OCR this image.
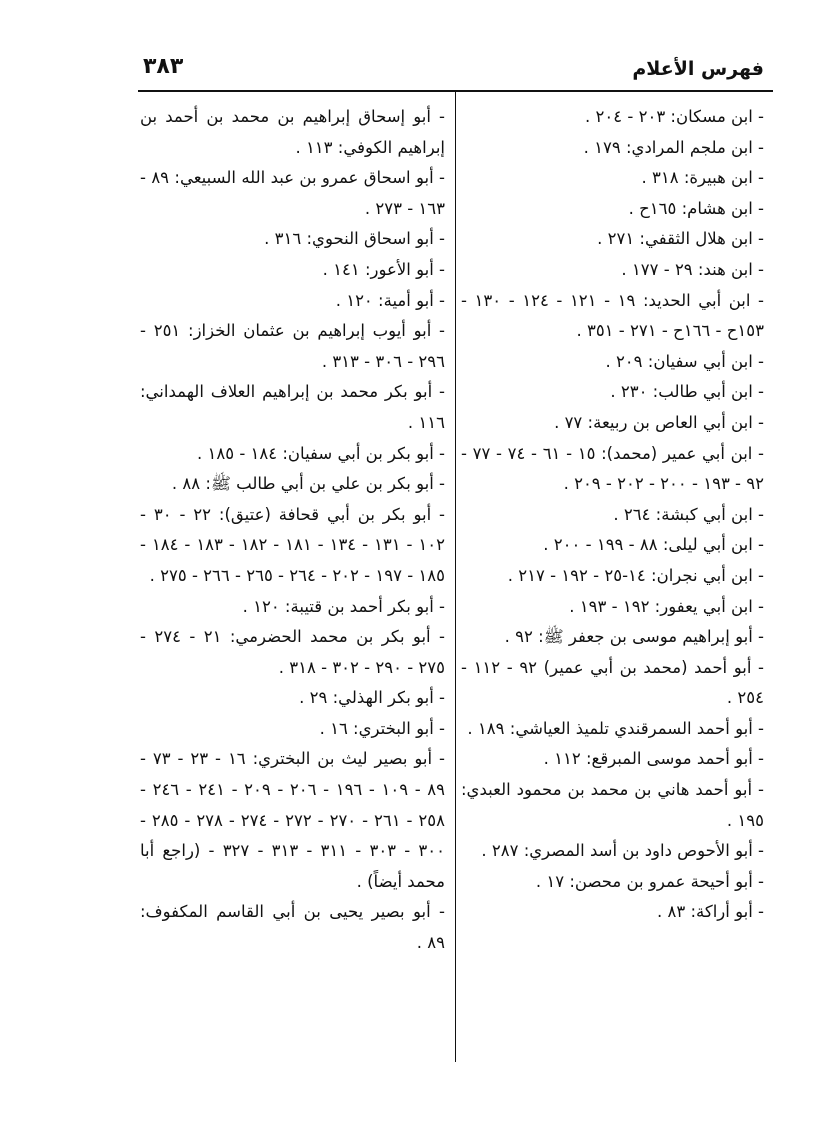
فهرس الأعلام
٣٨٣

- ابن مسكان: ٢٠٣ - ٢٠٤ .

- ابن ملجم المرادي: ١٧٩ .

- ابن هبيرة: ٣١٨ .

- ابن هشام: ١٦٥ح .

- ابن هلال الثقفي: ٢٧١ .

- ابن هند: ٢٩ - ١٧٧ .

- ابن أبي الحديد: ١٩ - ١٢١ - ١٢٤ - ١٣٠ - ١٥٣ح - ١٦٦ح - ٢٧١ - ٣٥١ .

- ابن أبي سفيان: ٢٠٩ .

- ابن أبي طالب: ٢٣٠ .

- ابن أبي العاص بن ربيعة: ٧٧ .

- ابن أبي عمير (محمد): ١٥ - ٦١ - ٧٤ - ٧٧ - ٩٢ - ١٩٣ - ٢٠٠ - ٢٠٢ - ٢٠٩ .

- ابن أبي كبشة: ٢٦٤ .

- ابن أبي ليلى: ٨٨ - ١٩٩ - ٢٠٠ .

- ابن أبي نجران: ١٤-٢٥ - ١٩٢ - ٢١٧ .

- ابن أبي يعفور: ١٩٢ - ١٩٣ .

- أبو إبراهيم موسى بن جعفر ﷺ: ٩٢ .

- أبو أحمد (محمد بن أبي عمير) ٩٢ - ١١٢ - ٢٥٤ .

- أبو أحمد السمرقندي تلميذ العياشي: ١٨٩ .

- أبو أحمد موسى المبرقع: ١١٢ .

- أبو أحمد هاني بن محمد بن محمود العبدي: ١٩٥ .

- أبو الأحوص داود بن أسد المصري: ٢٨٧ .

- أبو أحيحة عمرو بن محصن: ١٧ .

- أبو أراكة: ٨٣ .

- أبو إسحاق إبراهيم بن محمد بن أحمد بن إبراهيم الكوفي: ١١٣ .

- أبو اسحاق عمرو بن عبد الله السبيعي: ٨٩ - ١٦٣ - ٢٧٣ .

- أبو اسحاق النحوي: ٣١٦ .

- أبو الأعور: ١٤١ .

- أبو أمية: ١٢٠ .

- أبو أيوب إبراهيم بن عثمان الخزاز: ٢٥١ - ٢٩٦ - ٣٠٦ - ٣١٣ .

- أبو بكر محمد بن إبراهيم العلاف الهمداني: ١١٦ .

- أبو بكر بن أبي سفيان: ١٨٤ - ١٨٥ .

- أبو بكر بن علي بن أبي طالب ﷺ: ٨٨ .

- أبو بكر بن أبي قحافة (عتيق): ٢٢ - ٣٠ - ١٠٢ - ١٣١ - ١٣٤ - ١٨١ - ١٨٢ - ١٨٣ - ١٨٤ - ١٨٥ - ١٩٧ - ٢٠٢ - ٢٦٤ - ٢٦٥ - ٢٦٦ - ٢٧٥ .

- أبو بكر أحمد بن قتيبة: ١٢٠ .

- أبو بكر بن محمد الحضرمي: ٢١ - ٢٧٤ - ٢٧٥ - ٢٩٠ - ٣٠٢ - ٣١٨ .

- أبو بكر الهذلي: ٢٩ .

- أبو البختري: ١٦ .

- أبو بصير ليث بن البختري: ١٦ - ٢٣ - ٧٣ - ٨٩ - ١٠٩ - ١٩٦ - ٢٠٦ - ٢٠٩ - ٢٤١ - ٢٤٦ - ٢٥٨ - ٢٦١ - ٢٧٠ - ٢٧٢ - ٢٧٤ - ٢٧٨ - ٢٨٥ - ٣٠٠ - ٣٠٣ - ٣١١ - ٣١٣ - ٣٢٧ - (راجع أبا محمد أيضاً) .

- أبو بصير يحيى بن أبي القاسم المكفوف: ٨٩ .
